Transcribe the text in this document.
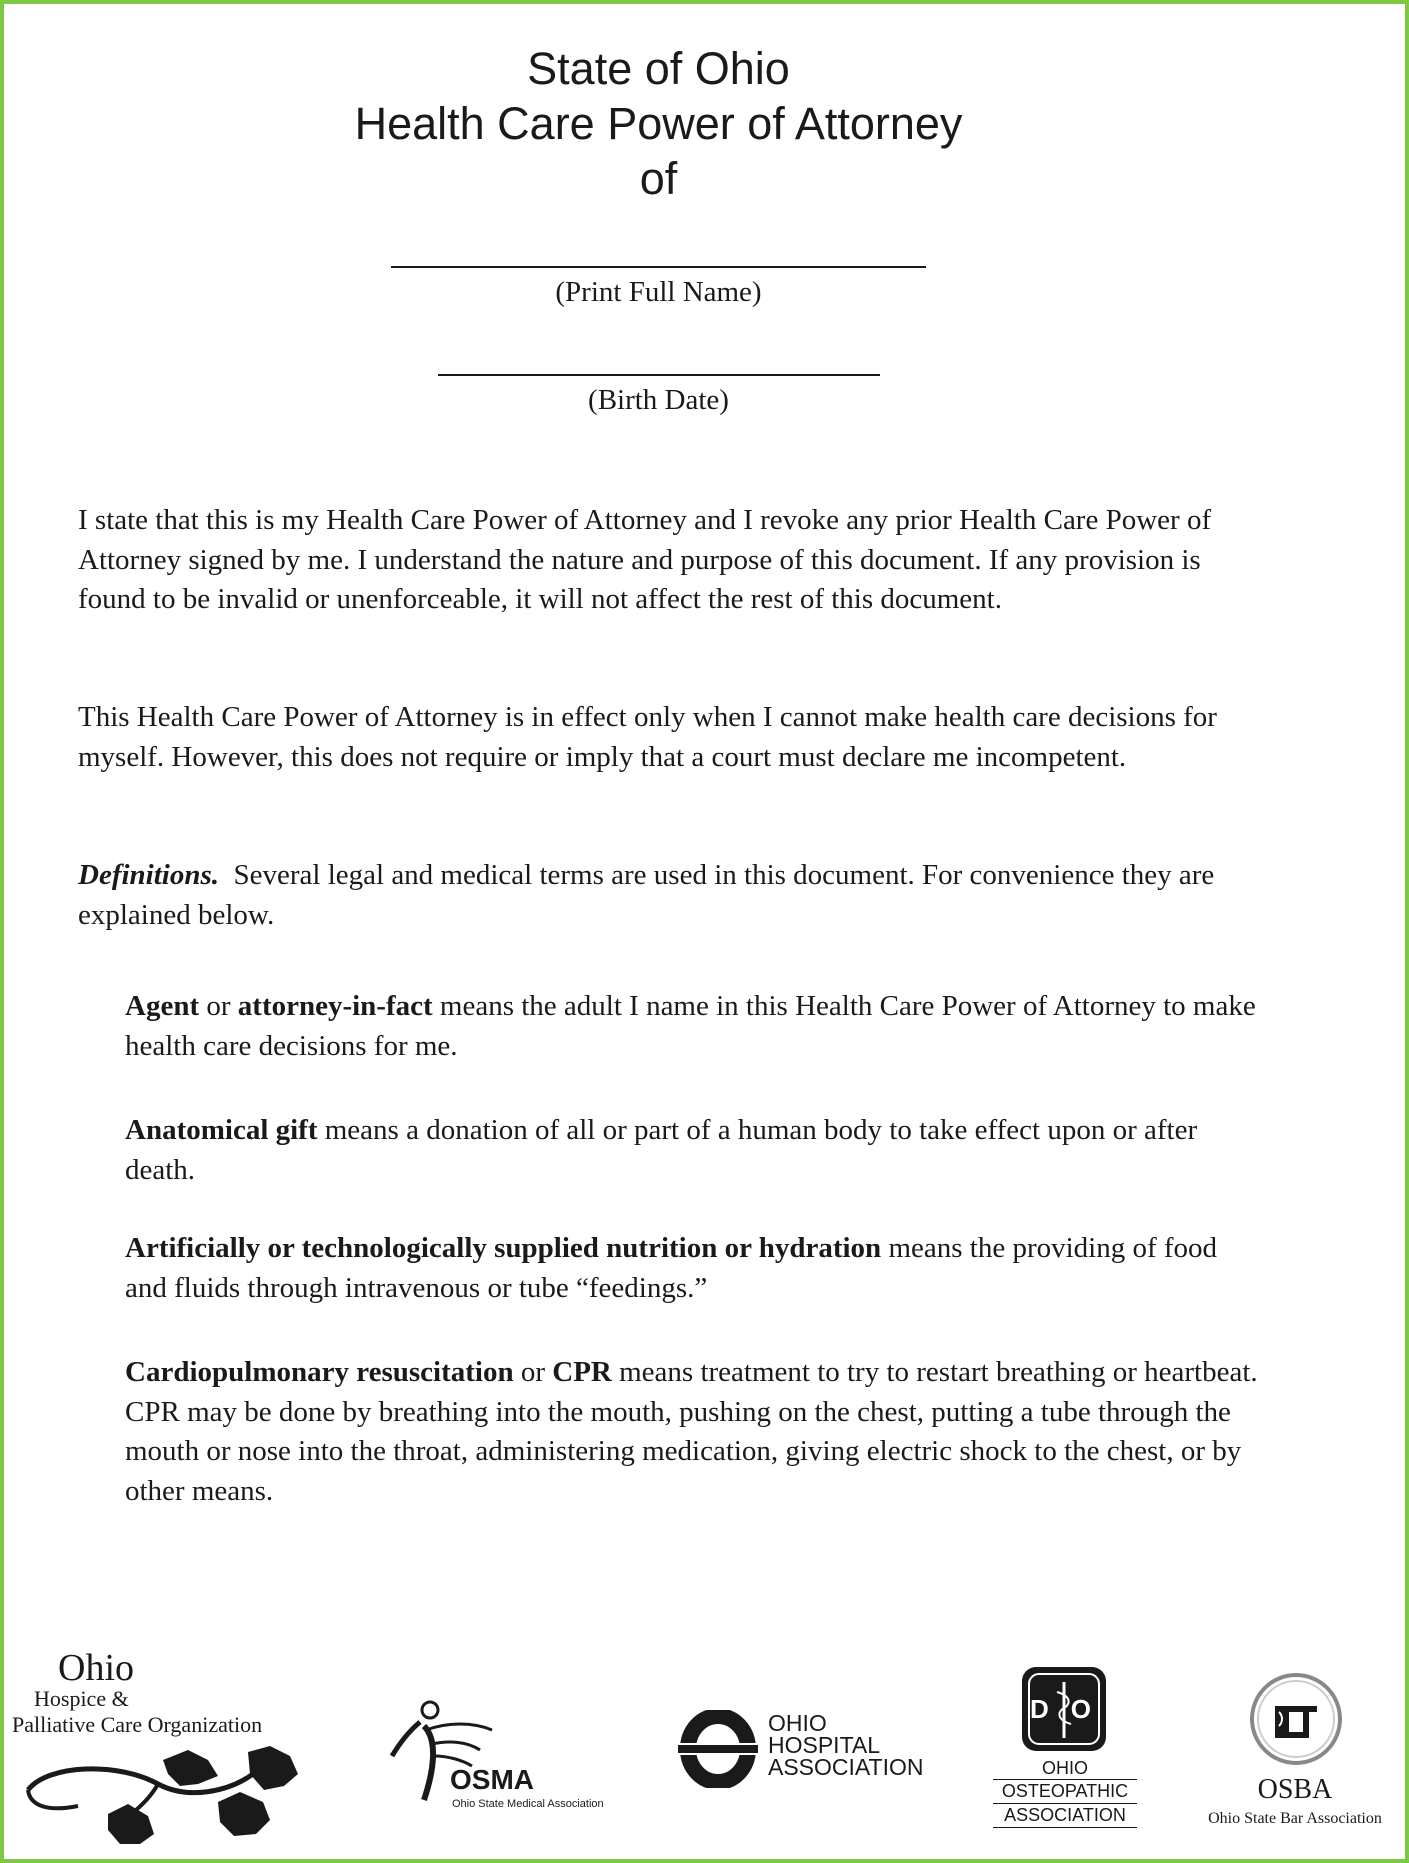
State of Ohio
Health Care Power of Attorney
of
(Print Full Name)
(Birth Date)
I state that this is my Health Care Power of Attorney and I revoke any prior Health Care Power of Attorney signed by me. I understand the nature and purpose of this document. If any provision is found to be invalid or unenforceable, it will not affect the rest of this document.
This Health Care Power of Attorney is in effect only when I cannot make health care decisions for myself. However, this does not require or imply that a court must declare me incompetent.
Definitions. Several legal and medical terms are used in this document. For convenience they are explained below.
Agent or attorney-in-fact means the adult I name in this Health Care Power of Attorney to make health care decisions for me.
Anatomical gift means a donation of all or part of a human body to take effect upon or after death.
Artificially or technologically supplied nutrition or hydration means the providing of food and fluids through intravenous or tube “feedings.”
Cardiopulmonary resuscitation or CPR means treatment to try to restart breathing or heartbeat. CPR may be done by breathing into the mouth, pushing on the chest, putting a tube through the mouth or nose into the throat, administering medication, giving electric shock to the chest, or by other means.
Ohio
Hospice &
Palliative Care Organization
OSMA
Ohio State Medical Association
OHIO
HOSPITAL
ASSOCIATION
DO
OHIO
OSTEOPATHIC
ASSOCIATION
OSBA
Ohio State Bar Association
